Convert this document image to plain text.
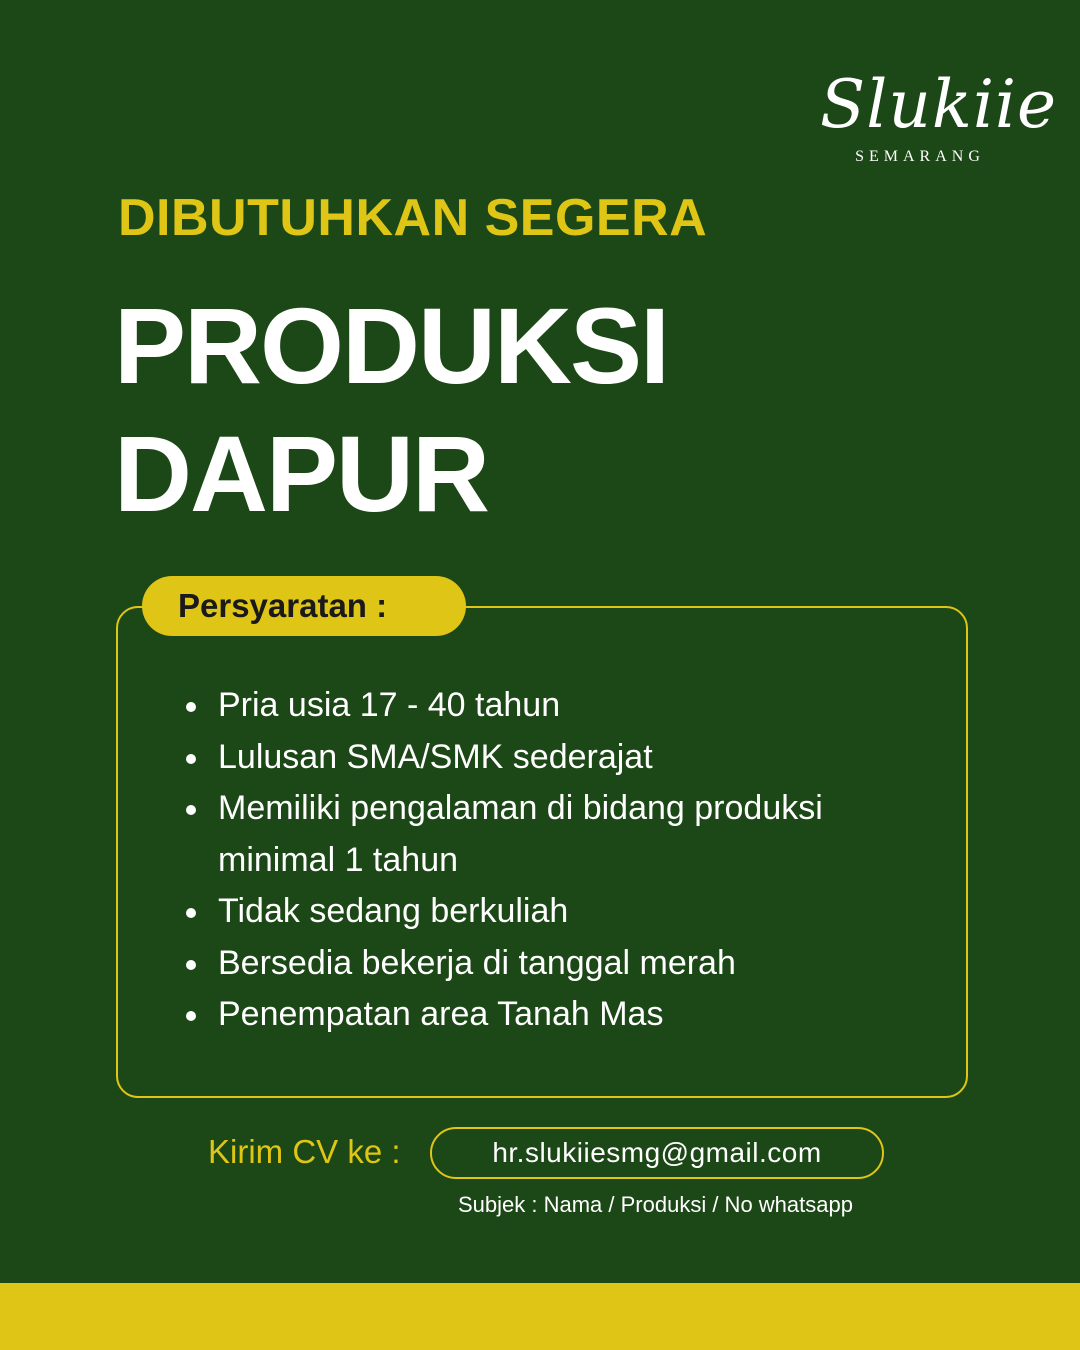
Slukiie
SEMARANG
DIBUTUHKAN SEGERA
PRODUKSI
DAPUR
Persyaratan :
Pria usia 17 - 40 tahun
Lulusan SMA/SMK sederajat
Memiliki pengalaman di bidang produksi minimal 1 tahun
Tidak sedang berkuliah
Bersedia bekerja di tanggal merah
Penempatan area Tanah Mas
Kirim CV ke :	hr.slukiiesmg@gmail.com
Subjek : Nama / Produksi / No whatsapp
